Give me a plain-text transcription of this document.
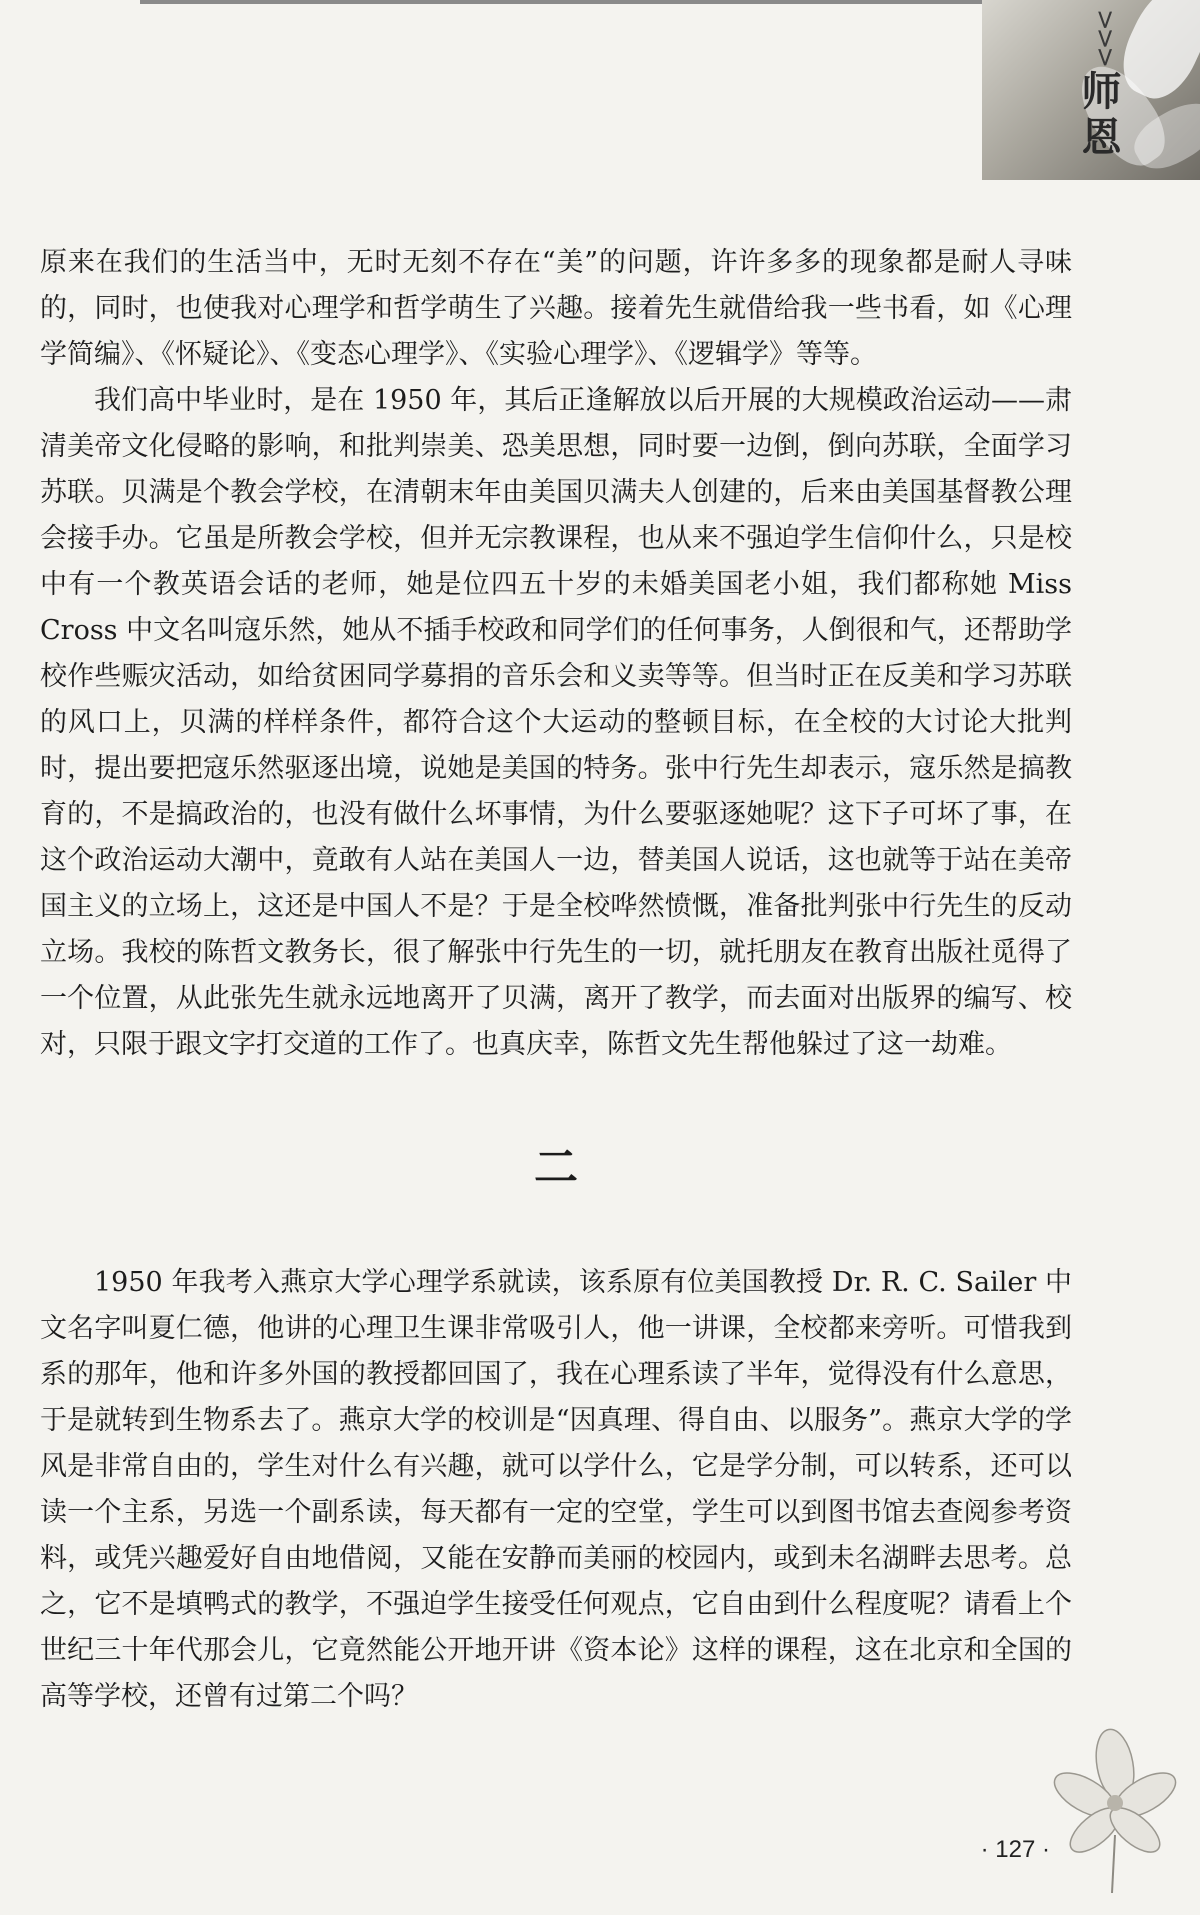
>>>
师恩

原来在我们的生活当中，无时无刻不存在“美”的问题，许许多多的现象都是耐人寻味的，同时，也使我对心理学和哲学萌生了兴趣。接着先生就借给我一些书看，如《心理学简编》、《怀疑论》、《变态心理学》、《实验心理学》、《逻辑学》等等。

我们高中毕业时，是在 1950 年，其后正逢解放以后开展的大规模政治运动——肃清美帝文化侵略的影响，和批判崇美、恐美思想，同时要一边倒，倒向苏联，全面学习苏联。贝满是个教会学校，在清朝末年由美国贝满夫人创建的，后来由美国基督教公理会接手办。它虽是所教会学校，但并无宗教课程，也从来不强迫学生信仰什么，只是校中有一个教英语会话的老师，她是位四五十岁的未婚美国老小姐，我们都称她 Miss Cross 中文名叫寇乐然，她从不插手校政和同学们的任何事务，人倒很和气，还帮助学校作些赈灾活动，如给贫困同学募捐的音乐会和义卖等等。但当时正在反美和学习苏联的风口上，贝满的样样条件，都符合这个大运动的整顿目标，在全校的大讨论大批判时，提出要把寇乐然驱逐出境，说她是美国的特务。张中行先生却表示，寇乐然是搞教育的，不是搞政治的，也没有做什么坏事情，为什么要驱逐她呢？这下子可坏了事，在这个政治运动大潮中，竟敢有人站在美国人一边，替美国人说话，这也就等于站在美帝国主义的立场上，这还是中国人不是？于是全校哗然愤慨，准备批判张中行先生的反动立场。我校的陈哲文教务长，很了解张中行先生的一切，就托朋友在教育出版社觅得了一个位置，从此张先生就永远地离开了贝满，离开了教学，而去面对出版界的编写、校对，只限于跟文字打交道的工作了。也真庆幸，陈哲文先生帮他躲过了这一劫难。

二

1950 年我考入燕京大学心理学系就读，该系原有位美国教授 Dr. R. C. Sailer 中文名字叫夏仁德，他讲的心理卫生课非常吸引人，他一讲课，全校都来旁听。可惜我到系的那年，他和许多外国的教授都回国了，我在心理系读了半年，觉得没有什么意思，于是就转到生物系去了。燕京大学的校训是“因真理、得自由、以服务”。燕京大学的学风是非常自由的，学生对什么有兴趣，就可以学什么，它是学分制，可以转系，还可以读一个主系，另选一个副系读，每天都有一定的空堂，学生可以到图书馆去查阅参考资料，或凭兴趣爱好自由地借阅，又能在安静而美丽的校园内，或到未名湖畔去思考。总之，它不是填鸭式的教学，不强迫学生接受任何观点，它自由到什么程度呢？请看上个世纪三十年代那会儿，它竟然能公开地开讲《资本论》这样的课程，这在北京和全国的高等学校，还曾有过第二个吗？

· 127 ·
